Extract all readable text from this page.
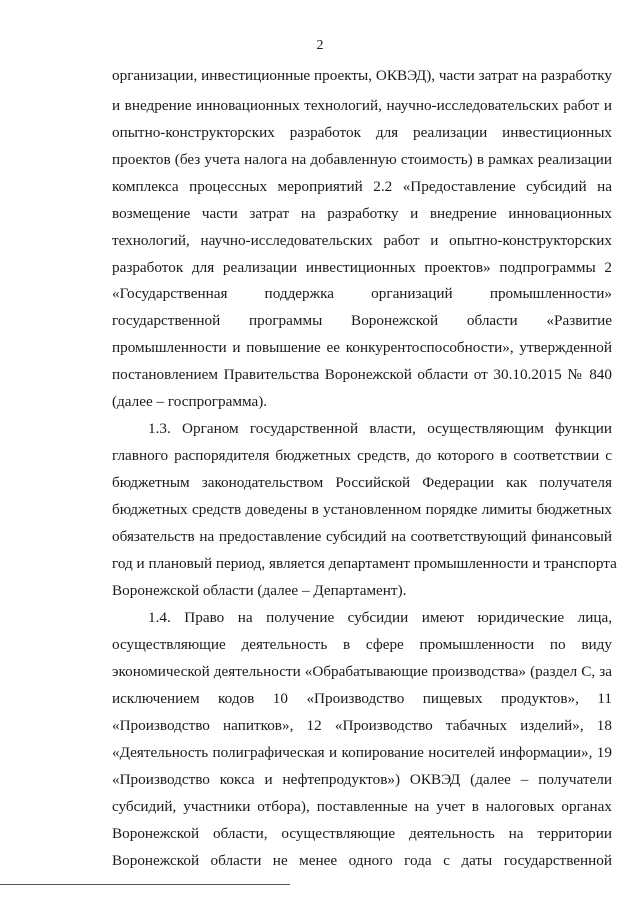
2
организации, инвестиционные проекты, ОКВЭД), части затрат на разработку
и внедрение инновационных технологий, научно-исследовательских работ и
опытно-конструкторских разработок для реализации инвестиционных
проектов (без учета налога на добавленную стоимость) в рамках реализации
комплекса процессных мероприятий 2.2 «Предоставление субсидий на
возмещение части затрат на разработку и внедрение инновационных
технологий, научно-исследовательских работ и опытно-конструкторских
разработок для реализации инвестиционных проектов» подпрограммы 2
«Государственная поддержка организаций промышленности»
государственной программы Воронежской области «Развитие
промышленности и повышение ее конкурентоспособности», утвержденной
постановлением Правительства Воронежской области от 30.10.2015 № 840
(далее – госпрограмма).
1.3. Органом государственной власти, осуществляющим функции
главного распорядителя бюджетных средств, до которого в соответствии с
бюджетным законодательством Российской Федерации как получателя
бюджетных средств доведены в установленном порядке лимиты бюджетных
обязательств на предоставление субсидий на соответствующий финансовый
год и плановый период, является департамент промышленности и транспорта
Воронежской области (далее – Департамент).
1.4. Право на получение субсидии имеют юридические лица,
осуществляющие деятельность в сфере промышленности по виду
экономической деятельности «Обрабатывающие производства» (раздел С, за
исключением кодов 10 «Производство пищевых продуктов», 11
«Производство напитков», 12 «Производство табачных изделий», 18
«Деятельность полиграфическая и копирование носителей информации», 19
«Производство кокса и нефтепродуктов») ОКВЭД (далее – получатели
субсидий, участники отбора), поставленные на учет в налоговых органах
Воронежской области, осуществляющие деятельность на территории
Воронежской области не менее одного года с даты государственной
